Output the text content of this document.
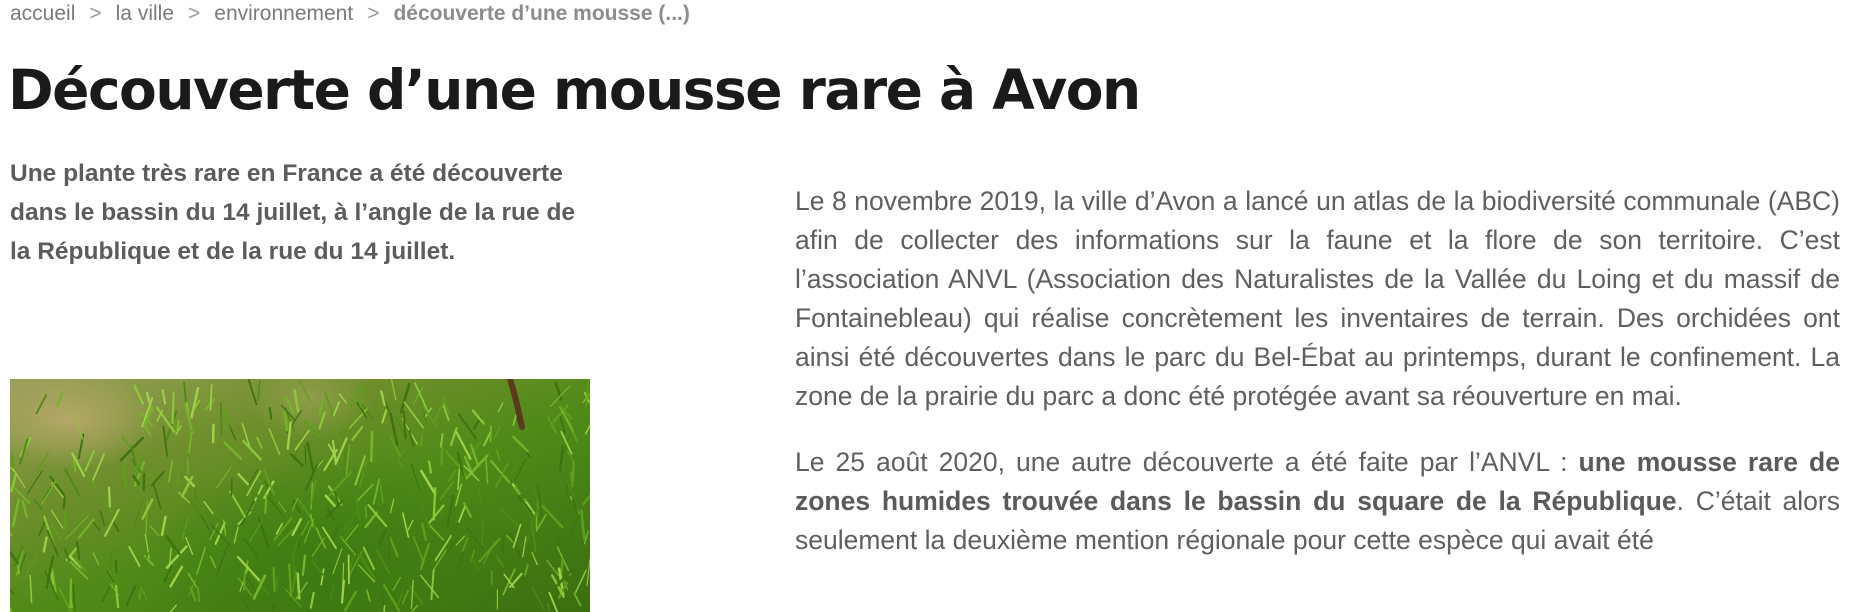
accueil > la ville > environnement > découverte d’une mousse (...)
Découverte d’une mousse rare à Avon

Une plante très rare en France a été découverte dans le bassin du 14 juillet, à l’angle de la rue de la République et de la rue du 14 juillet.

Le 8 novembre 2019, la ville d’Avon a lancé un atlas de la biodiversité communale (ABC) afin de collecter des informations sur la faune et la flore de son territoire. C’est l’association ANVL (Association des Naturalistes de la Vallée du Loing et du massif de Fontainebleau) qui réalise concrètement les inventaires de terrain. Des orchidées ont ainsi été découvertes dans le parc du Bel-Ébat au printemps, durant le confinement. La zone de la prairie du parc a donc été protégée avant sa réouverture en mai.

Le 25 août 2020, une autre découverte a été faite par l’ANVL : une mousse rare de zones humides trouvée dans le bassin du square de la République. C’était alors seulement la deuxième mention régionale pour cette espèce qui avait été
